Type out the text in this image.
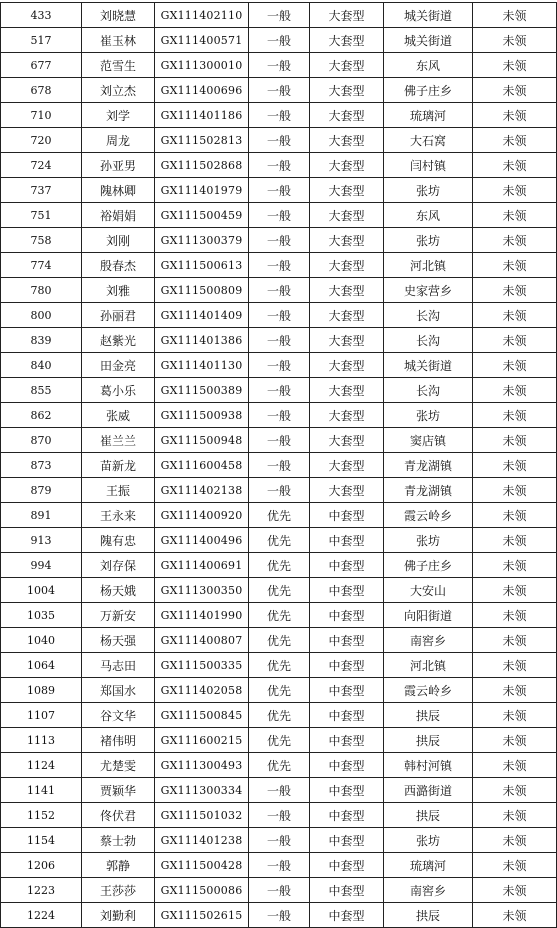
433	刘晓慧	GX111402110	一般	大套型	城关街道	未领
517	崔玉林	GX111400571	一般	大套型	城关街道	未领
677	范雪生	GX111300010	一般	大套型	东风	未领
678	刘立杰	GX111400696	一般	大套型	佛子庄乡	未领
710	刘学	GX111401186	一般	大套型	琉璃河	未领
720	周龙	GX111502813	一般	大套型	大石窝	未领
724	孙亚男	GX111502868	一般	大套型	闫村镇	未领
737	隗林卿	GX111401979	一般	大套型	张坊	未领
751	裕娟娟	GX111500459	一般	大套型	东风	未领
758	刘刚	GX111300379	一般	大套型	张坊	未领
774	殷春杰	GX111500613	一般	大套型	河北镇	未领
780	刘雅	GX111500809	一般	大套型	史家营乡	未领
800	孙丽君	GX111401409	一般	大套型	长沟	未领
839	赵紫光	GX111401386	一般	大套型	长沟	未领
840	田金亮	GX111401130	一般	大套型	城关街道	未领
855	葛小乐	GX111500389	一般	大套型	长沟	未领
862	张威	GX111500938	一般	大套型	张坊	未领
870	崔兰兰	GX111500948	一般	大套型	窦店镇	未领
873	苗新龙	GX111600458	一般	大套型	青龙湖镇	未领
879	王振	GX111402138	一般	大套型	青龙湖镇	未领
891	王永来	GX111400920	优先	中套型	霞云岭乡	未领
913	隗有忠	GX111400496	优先	中套型	张坊	未领
994	刘存保	GX111400691	优先	中套型	佛子庄乡	未领
1004	杨天娥	GX111300350	优先	中套型	大安山	未领
1035	万新安	GX111401990	优先	中套型	向阳街道	未领
1040	杨天强	GX111400807	优先	中套型	南窖乡	未领
1064	马志田	GX111500335	优先	中套型	河北镇	未领
1089	郑国水	GX111402058	优先	中套型	霞云岭乡	未领
1107	谷文华	GX111500845	优先	中套型	拱辰	未领
1113	褚伟明	GX111600215	优先	中套型	拱辰	未领
1124	尤楚雯	GX111300493	优先	中套型	韩村河镇	未领
1141	贾颖华	GX111300334	一般	中套型	西潞街道	未领
1152	佟伏君	GX111501032	一般	中套型	拱辰	未领
1154	蔡士勃	GX111401238	一般	中套型	张坊	未领
1206	郭静	GX111500428	一般	中套型	琉璃河	未领
1223	王莎莎	GX111500086	一般	中套型	南窖乡	未领
1224	刘勤利	GX111502615	一般	中套型	拱辰	未领
